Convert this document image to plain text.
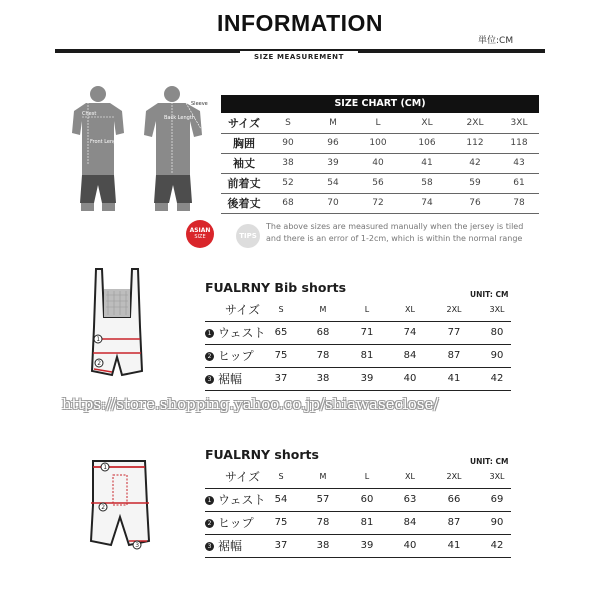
INFORMATION
単位:CM
SIZE MEASUREMENT
Chest
Front Length
Back Length
Sleeve	SIZE CHART (CM)
サイズ	S	M	L	XL	2XL	3XL
胸囲	90	96	100	106	112	118
袖丈	38	39	40	41	42	43
前着丈	52	54	56	58	59	61
後着丈	68	70	72	74	76	78
ASIAN
SIZE	TIPS
The above sizes are measured manually when the jersey is tiled
and there is an error of 1-2cm, which is within the normal range
1
2
FUALRNY Bib shorts	UNIT: CM
サイズ	S	M	L	XL	2XL	3XL
1 ウェスト 65	68	71	74	77	80
2 ヒップ	75	78	81	84	87	90
3 裾幅	37	38	39	40	41	42
https://store.shopping.yahoo.co.jp/shiawaseclose/
1
2
3
FUALRNY shorts	UNIT: CM
サイズ	S	M	L	XL	2XL	3XL
1 ウェスト 54	57	60	63	66	69
2 ヒップ	75	78	81	84	87	90
3 裾幅	37	38	39	40	41	42
